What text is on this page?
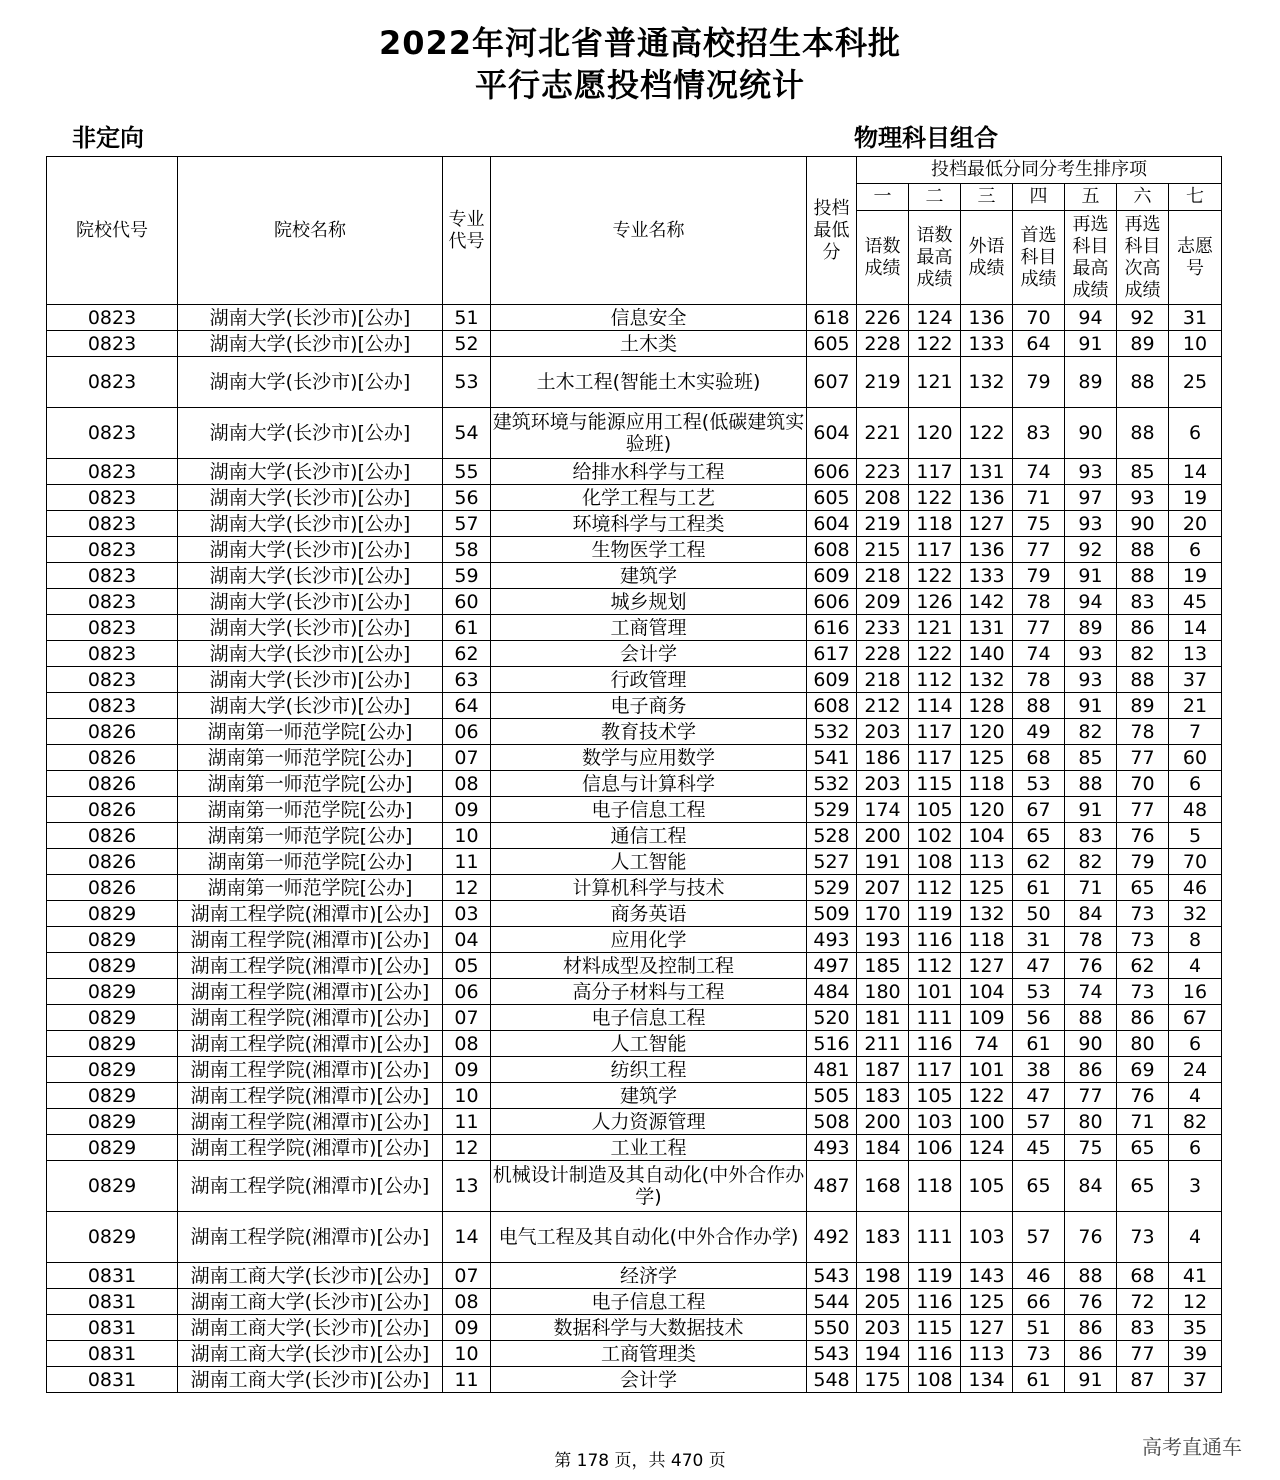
2022年河北省普通高校招生本科批
平行志愿投档情况统计
非定向	物理科目组合
院校代号	院校名称	专业代号	专业名称	投档最低分	投档最低分同分考生排序项						
					一	二	三	四	五	六	七
					语数成绩	语数最高成绩	外语成绩	首选科目成绩	再选科目最高成绩	再选科目次高成绩	志愿号
0823	湖南大学(长沙市)[公办]	51	信息安全	618	226	124	136	70	94	92	31
0823	湖南大学(长沙市)[公办]	52	土木类	605	228	122	133	64	91	89	10
0823	湖南大学(长沙市)[公办]	53	土木工程(智能土木实验班)	607	219	121	132	79	89	88	25
0823	湖南大学(长沙市)[公办]	54	建筑环境与能源应用工程(低碳建筑实验班)	604	221	120	122	83	90	88	6
0823	湖南大学(长沙市)[公办]	55	给排水科学与工程	606	223	117	131	74	93	85	14
0823	湖南大学(长沙市)[公办]	56	化学工程与工艺	605	208	122	136	71	97	93	19
0823	湖南大学(长沙市)[公办]	57	环境科学与工程类	604	219	118	127	75	93	90	20
0823	湖南大学(长沙市)[公办]	58	生物医学工程	608	215	117	136	77	92	88	6
0823	湖南大学(长沙市)[公办]	59	建筑学	609	218	122	133	79	91	88	19
0823	湖南大学(长沙市)[公办]	60	城乡规划	606	209	126	142	78	94	83	45
0823	湖南大学(长沙市)[公办]	61	工商管理	616	233	121	131	77	89	86	14
0823	湖南大学(长沙市)[公办]	62	会计学	617	228	122	140	74	93	82	13
0823	湖南大学(长沙市)[公办]	63	行政管理	609	218	112	132	78	93	88	37
0823	湖南大学(长沙市)[公办]	64	电子商务	608	212	114	128	88	91	89	21
0826	湖南第一师范学院[公办]	06	教育技术学	532	203	117	120	49	82	78	7
0826	湖南第一师范学院[公办]	07	数学与应用数学	541	186	117	125	68	85	77	60
0826	湖南第一师范学院[公办]	08	信息与计算科学	532	203	115	118	53	88	70	6
0826	湖南第一师范学院[公办]	09	电子信息工程	529	174	105	120	67	91	77	48
0826	湖南第一师范学院[公办]	10	通信工程	528	200	102	104	65	83	76	5
0826	湖南第一师范学院[公办]	11	人工智能	527	191	108	113	62	82	79	70
0826	湖南第一师范学院[公办]	12	计算机科学与技术	529	207	112	125	61	71	65	46
0829	湖南工程学院(湘潭市)[公办]	03	商务英语	509	170	119	132	50	84	73	32
0829	湖南工程学院(湘潭市)[公办]	04	应用化学	493	193	116	118	31	78	73	8
0829	湖南工程学院(湘潭市)[公办]	05	材料成型及控制工程	497	185	112	127	47	76	62	4
0829	湖南工程学院(湘潭市)[公办]	06	高分子材料与工程	484	180	101	104	53	74	73	16
0829	湖南工程学院(湘潭市)[公办]	07	电子信息工程	520	181	111	109	56	88	86	67
0829	湖南工程学院(湘潭市)[公办]	08	人工智能	516	211	116	74	61	90	80	6
0829	湖南工程学院(湘潭市)[公办]	09	纺织工程	481	187	117	101	38	86	69	24
0829	湖南工程学院(湘潭市)[公办]	10	建筑学	505	183	105	122	47	77	76	4
0829	湖南工程学院(湘潭市)[公办]	11	人力资源管理	508	200	103	100	57	80	71	82
0829	湖南工程学院(湘潭市)[公办]	12	工业工程	493	184	106	124	45	75	65	6
0829	湖南工程学院(湘潭市)[公办]	13	机械设计制造及其自动化(中外合作办学)	487	168	118	105	65	84	65	3
0829	湖南工程学院(湘潭市)[公办]	14	电气工程及其自动化(中外合作办学)	492	183	111	103	57	76	73	4
0831	湖南工商大学(长沙市)[公办]	07	经济学	543	198	119	143	46	88	68	41
0831	湖南工商大学(长沙市)[公办]	08	电子信息工程	544	205	116	125	66	76	72	12
0831	湖南工商大学(长沙市)[公办]	09	数据科学与大数据技术	550	203	115	127	51	86	83	35
0831	湖南工商大学(长沙市)[公办]	10	工商管理类	543	194	116	113	73	86	77	39
0831	湖南工商大学(长沙市)[公办]	11	会计学	548	175	108	134	61	91	87	37
第 178 页，共 470 页
高考直通车
